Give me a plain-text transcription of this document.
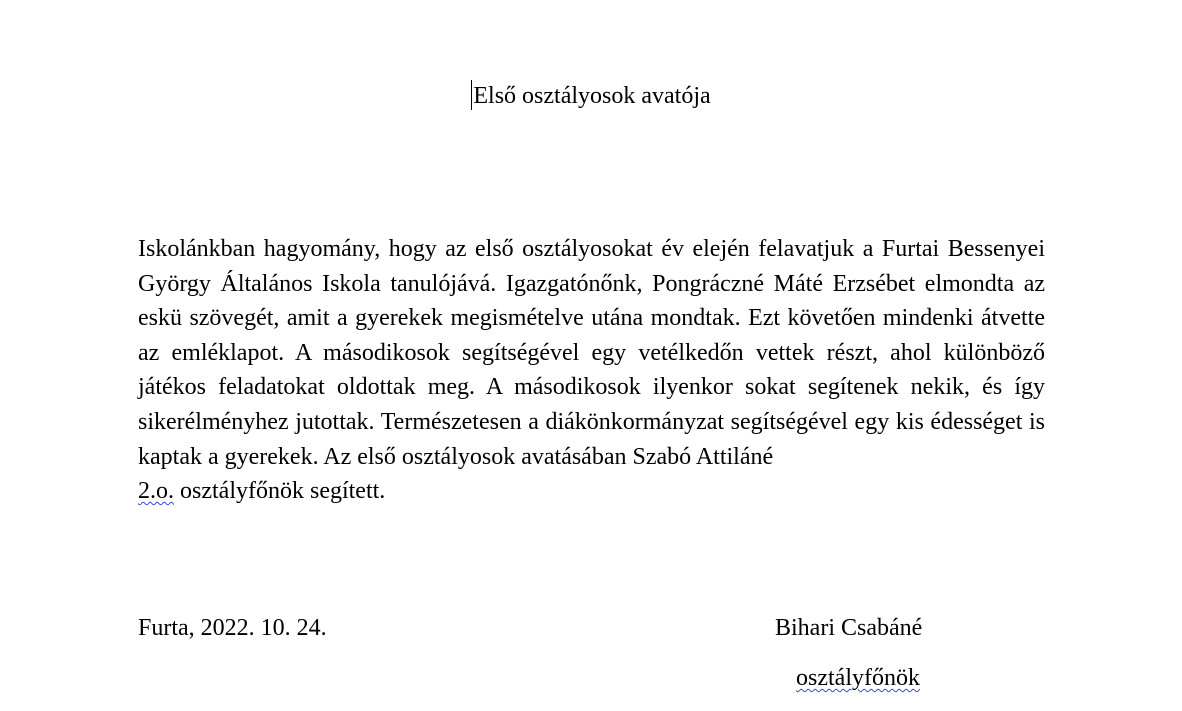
Első osztályosok avatója

Iskolánkban hagyomány, hogy az első osztályosokat év elején felavatjuk a Furtai Bessenyei György Általános Iskola tanulójává. Igazgatónőnk, Pongráczné Máté Erzsébet elmondta az eskü szövegét, amit a gyerekek megismételve utána mondtak. Ezt követően mindenki átvette az emléklapot. A másodikosok segítségével egy vetélkedőn vettek részt, ahol különböző játékos feladatokat oldottak meg. A másodikosok ilyenkor sokat segítenek nekik, és így sikerélményhez jutottak. Természetesen a diákönkormányzat segítségével egy kis édességet is kaptak a gyerekek. Az első osztályosok avatásában Szabó Attiláné
2.o. osztályfőnök segített.

Furta, 2022. 10. 24.	Bihari Csabáné
osztályfőnök
